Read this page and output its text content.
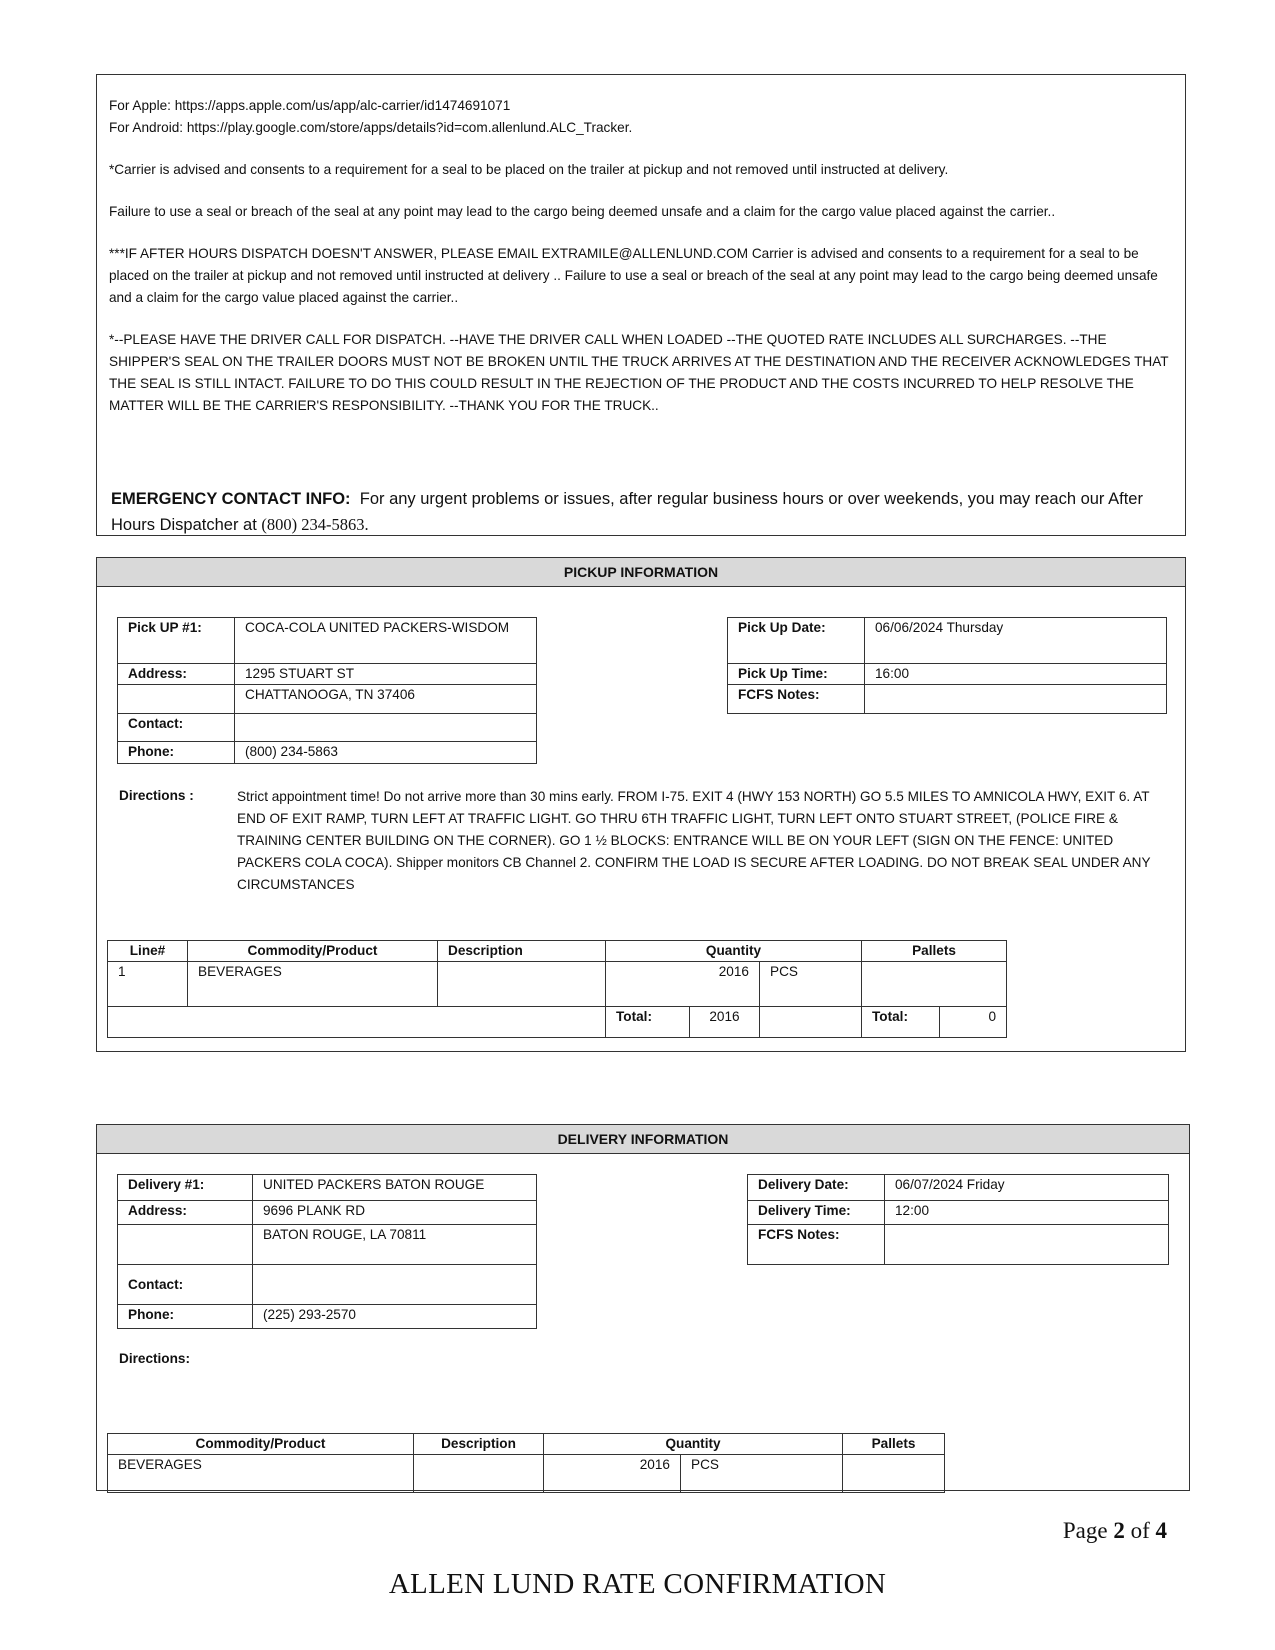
For Apple: https://apps.apple.com/us/app/alc-carrier/id1474691071

For Android: https://play.google.com/store/apps/details?id=com.allenlund.ALC_Tracker.

*Carrier is advised and consents to a requirement for a seal to be placed on the trailer at pickup and not removed until instructed at delivery.

Failure to use a seal or breach of the seal at any point may lead to the cargo being deemed unsafe and a claim for the cargo value placed against the carrier..

***IF AFTER HOURS DISPATCH DOESN'T ANSWER, PLEASE EMAIL EXTRAMILE@ALLENLUND.COM Carrier is advised and consents to a requirement for a seal to be placed on the trailer at pickup and not removed until instructed at delivery .. Failure to use a seal or breach of the seal at any point may lead to the cargo being deemed unsafe and a claim for the cargo value placed against the carrier..

*--PLEASE HAVE THE DRIVER CALL FOR DISPATCH. --HAVE THE DRIVER CALL WHEN LOADED --THE QUOTED RATE INCLUDES ALL SURCHARGES. --THE SHIPPER'S SEAL ON THE TRAILER DOORS MUST NOT BE BROKEN UNTIL THE TRUCK ARRIVES AT THE DESTINATION AND THE RECEIVER ACKNOWLEDGES THAT THE SEAL IS STILL INTACT. FAILURE TO DO THIS COULD RESULT IN THE REJECTION OF THE PRODUCT AND THE COSTS INCURRED TO HELP RESOLVE THE MATTER WILL BE THE CARRIER'S RESPONSIBILITY. --THANK YOU FOR THE TRUCK..

EMERGENCY CONTACT INFO: For any urgent problems or issues, after regular business hours or over weekends, you may reach our After Hours Dispatcher at (800) 234-5863.
PICKUP INFORMATION
Pick UP #1:	COCA-COLA UNITED PACKERS-WISDOM
Address:	1295 STUART ST
	CHATTANOOGA, TN 37406
Contact:	
Phone:	(800) 234-5863
Pick Up Date:	06/06/2024 Thursday
Pick Up Time:	16:00
FCFS Notes:	
Directions :	Strict appointment time! Do not arrive more than 30 mins early. FROM I-75. EXIT 4 (HWY 153 NORTH) GO 5.5 MILES TO AMNICOLA HWY, EXIT 6. AT END OF EXIT RAMP, TURN LEFT AT TRAFFIC LIGHT. GO THRU 6TH TRAFFIC LIGHT, TURN LEFT ONTO STUART STREET, (POLICE FIRE & TRAINING CENTER BUILDING ON THE CORNER). GO 1 ½ BLOCKS: ENTRANCE WILL BE ON YOUR LEFT (SIGN ON THE FENCE: UNITED PACKERS COLA COCA). Shipper monitors CB Channel 2. CONFIRM THE LOAD IS SECURE AFTER LOADING. DO NOT BREAK SEAL UNDER ANY CIRCUMSTANCES
Line#	Commodity/Product	Description	Quantity			Pallets	
1	BEVERAGES		2016		PCS		
			Total:	2016		Total:	0
DELIVERY INFORMATION
Delivery #1:	UNITED PACKERS BATON ROUGE
Address:	9696 PLANK RD
	BATON ROUGE, LA 70811
Contact:	
Phone:	(225) 293-2570
Delivery Date:	06/07/2024 Friday
Delivery Time:	12:00
FCFS Notes:	
Directions:
Commodity/Product	Description	Quantity		Pallets
BEVERAGES		2016	PCS	
Page 2 of 4
ALLEN LUND RATE CONFIRMATION
